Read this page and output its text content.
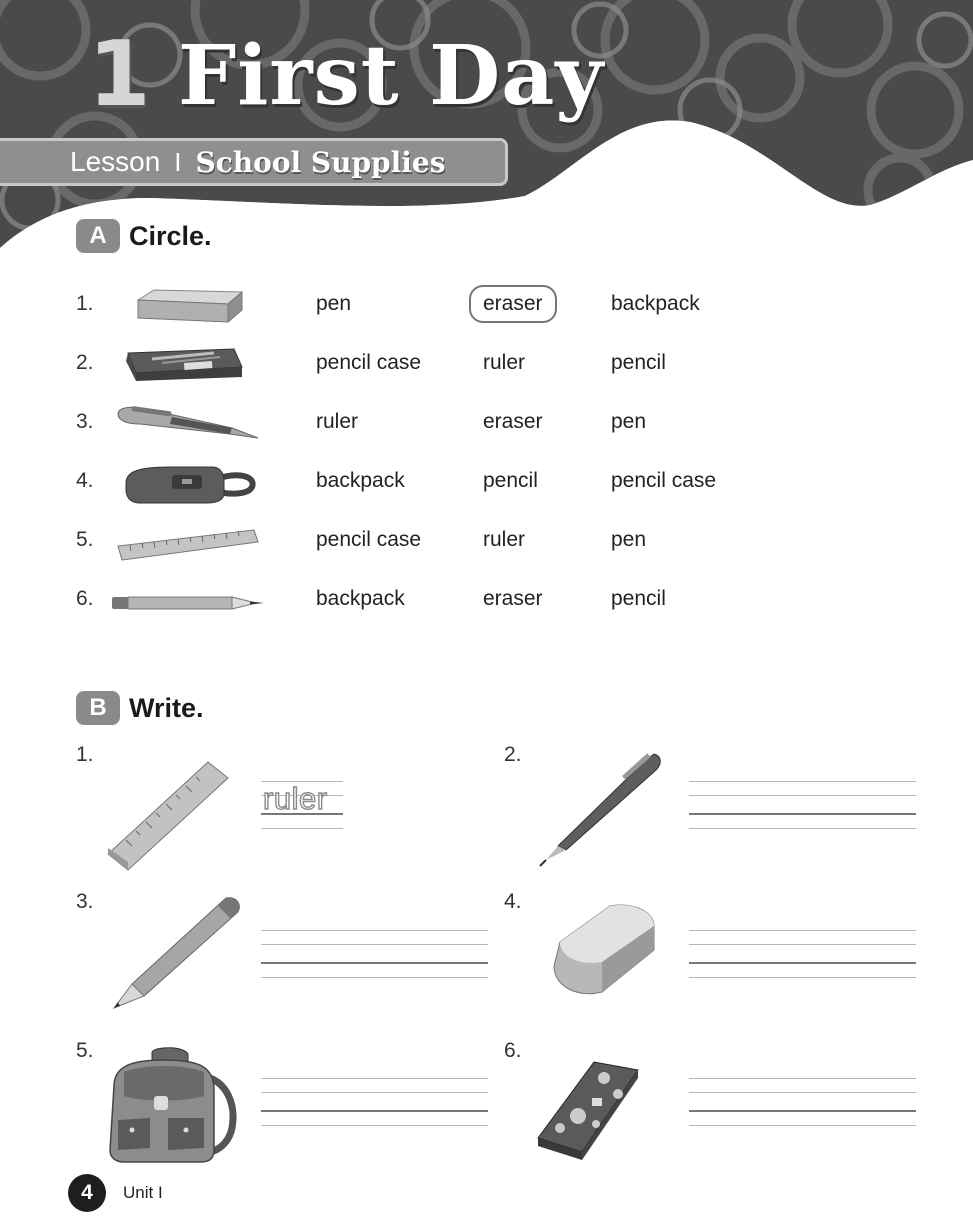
1 First Day
Lesson I School Supplies
A Circle.
1.	pen	eraser	backpack
2.	pencil case	ruler	pencil
3.	ruler	eraser	pen
4.	backpack	pencil	pencil case
5.	pencil case	ruler	pen
6.	backpack	eraser	pencil
B Write.
1.
ruler
2.
3.	4.
5.	6.
4	Unit I
